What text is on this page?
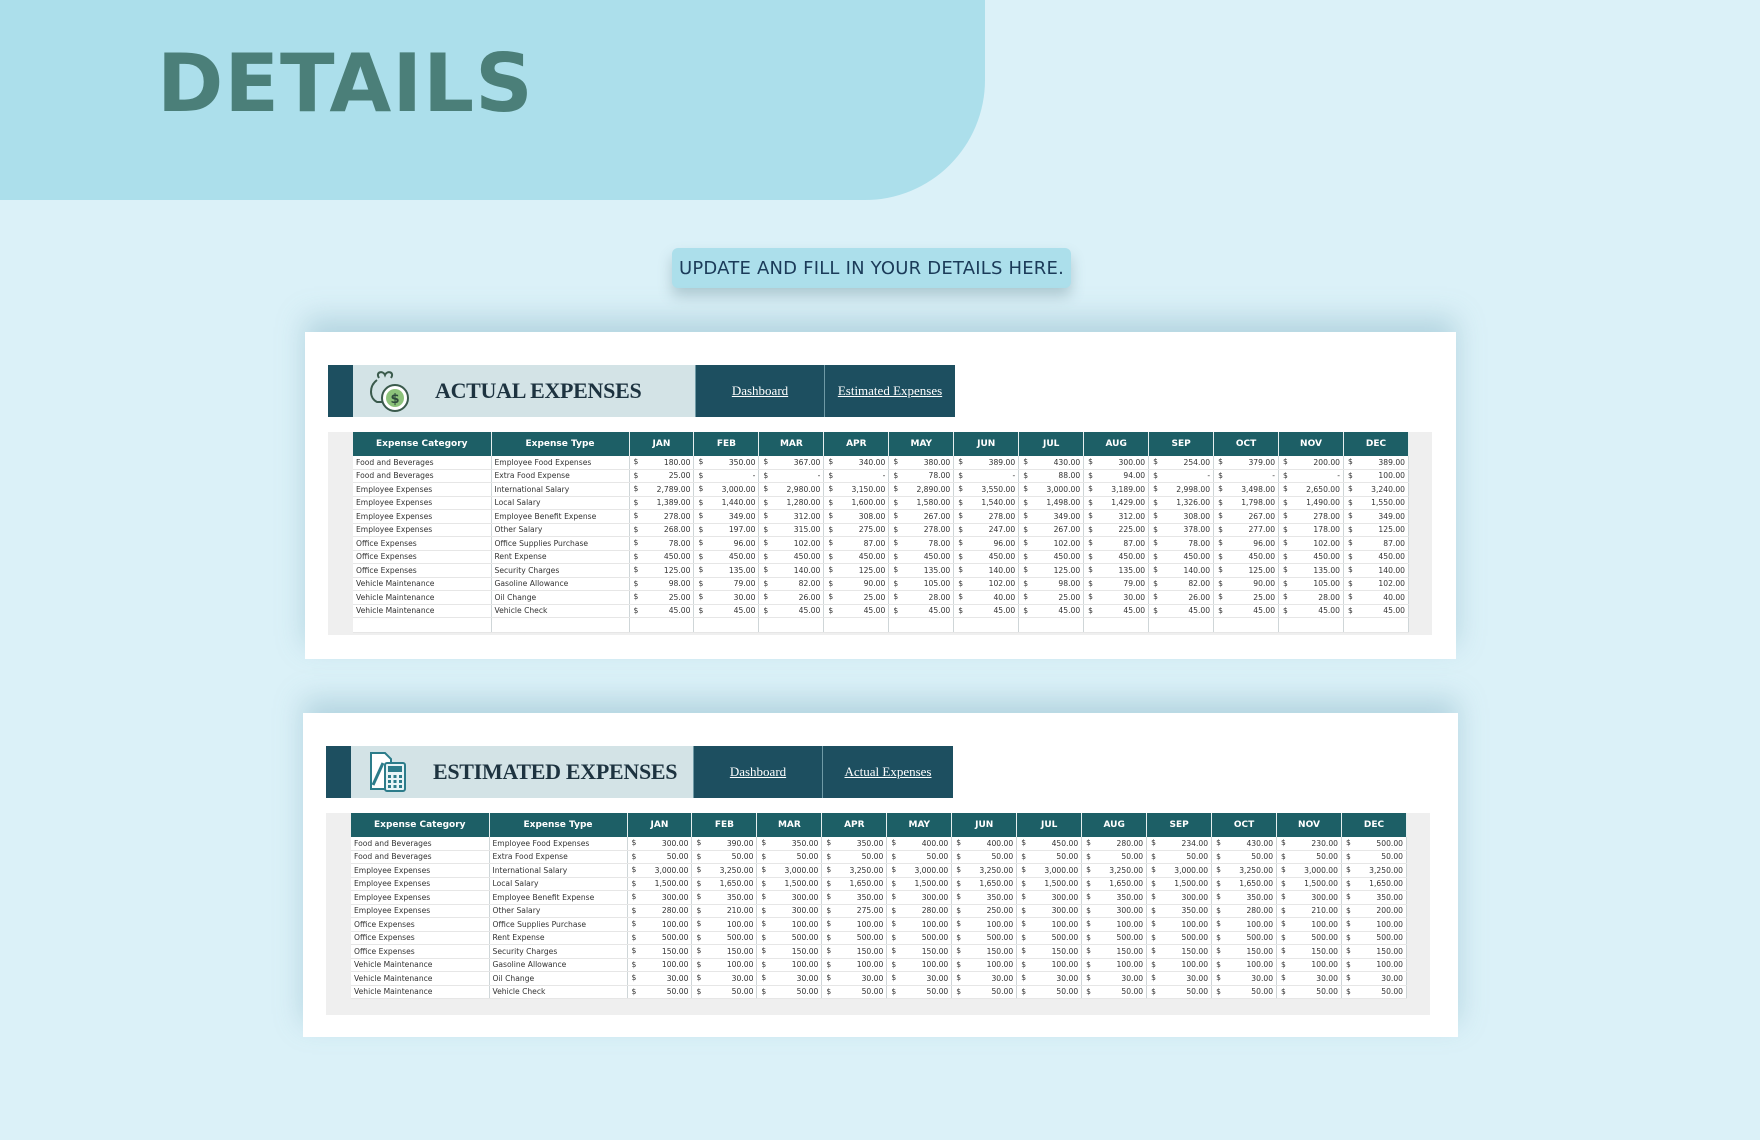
DETAILS
UPDATE AND FILL IN YOUR DETAILS HERE.
$ ACTUAL EXPENSES	Dashboard	Estimated Expenses
Expense Category	Expense Type	JAN	FEB	MAR	APR	MAY	JUN	JUL	AUG	SEP	OCT	NOV	DEC
Food and Beverages	Employee Food Expenses	$ 180.00	$ 350.00	$ 367.00	$ 340.00	$ 380.00	$ 389.00	$ 430.00	$ 300.00	$ 254.00	$ 379.00	$ 200.00	$ 389.00
Food and Beverages	Extra Food Expense	$ 25.00	$ -	$ -	$ -	$ 78.00	$ -	$ 88.00	$ 94.00	$ -	$ -	$ -	$ 100.00
Employee Expenses	International Salary	$ 2,789.00	$ 3,000.00	$ 2,980.00	$ 3,150.00	$ 2,890.00	$ 3,550.00	$ 3,000.00	$ 3,189.00	$ 2,998.00	$ 3,498.00	$ 2,650.00	$ 3,240.00
Employee Expenses	Local Salary	$ 1,389.00	$ 1,440.00	$ 1,280.00	$ 1,600.00	$ 1,580.00	$ 1,540.00	$ 1,498.00	$ 1,429.00	$ 1,326.00	$ 1,798.00	$ 1,490.00	$ 1,550.00
Employee Expenses	Employee Benefit Expense	$ 278.00	$ 349.00	$ 312.00	$ 308.00	$ 267.00	$ 278.00	$ 349.00	$ 312.00	$ 308.00	$ 267.00	$ 278.00	$ 349.00
Employee Expenses	Other Salary	$ 268.00	$ 197.00	$ 315.00	$ 275.00	$ 278.00	$ 247.00	$ 267.00	$ 225.00	$ 378.00	$ 277.00	$ 178.00	$ 125.00
Office Expenses	Office Supplies Purchase	$ 78.00	$ 96.00	$ 102.00	$ 87.00	$ 78.00	$ 96.00	$ 102.00	$ 87.00	$ 78.00	$ 96.00	$ 102.00	$ 87.00
Office Expenses	Rent Expense	$ 450.00	$ 450.00	$ 450.00	$ 450.00	$ 450.00	$ 450.00	$ 450.00	$ 450.00	$ 450.00	$ 450.00	$ 450.00	$ 450.00
Office Expenses	Security Charges	$ 125.00	$ 135.00	$ 140.00	$ 125.00	$ 135.00	$ 140.00	$ 125.00	$ 135.00	$ 140.00	$ 125.00	$ 135.00	$ 140.00
Vehicle Maintenance	Gasoline Allowance	$ 98.00	$ 79.00	$ 82.00	$ 90.00	$ 105.00	$ 102.00	$ 98.00	$ 79.00	$ 82.00	$ 90.00	$ 105.00	$ 102.00
Vehicle Maintenance	Oil Change	$ 25.00	$ 30.00	$ 26.00	$ 25.00	$ 28.00	$ 40.00	$ 25.00	$ 30.00	$ 26.00	$ 25.00	$ 28.00	$ 40.00
Vehicle Maintenance	Vehicle Check	$ 45.00	$ 45.00	$ 45.00	$ 45.00	$ 45.00	$ 45.00	$ 45.00	$ 45.00	$ 45.00	$ 45.00	$ 45.00	$ 45.00

ESTIMATED EXPENSES	Dashboard	Actual Expenses
Expense Category	Expense Type	JAN	FEB	MAR	APR	MAY	JUN	JUL	AUG	SEP	OCT	NOV	DEC
Food and Beverages	Employee Food Expenses	$ 300.00	$ 390.00	$ 350.00	$ 350.00	$ 400.00	$ 400.00	$ 450.00	$ 280.00	$ 234.00	$ 430.00	$ 230.00	$ 500.00
Food and Beverages	Extra Food Expense	$ 50.00	$ 50.00	$ 50.00	$ 50.00	$ 50.00	$ 50.00	$ 50.00	$ 50.00	$ 50.00	$ 50.00	$ 50.00	$ 50.00
Employee Expenses	International Salary	$ 3,000.00	$ 3,250.00	$ 3,000.00	$ 3,250.00	$ 3,000.00	$ 3,250.00	$ 3,000.00	$ 3,250.00	$ 3,000.00	$ 3,250.00	$ 3,000.00	$ 3,250.00
Employee Expenses	Local Salary	$ 1,500.00	$ 1,650.00	$ 1,500.00	$ 1,650.00	$ 1,500.00	$ 1,650.00	$ 1,500.00	$ 1,650.00	$ 1,500.00	$ 1,650.00	$ 1,500.00	$ 1,650.00
Employee Expenses	Employee Benefit Expense	$ 300.00	$ 350.00	$ 300.00	$ 350.00	$ 300.00	$ 350.00	$ 300.00	$ 350.00	$ 300.00	$ 350.00	$ 300.00	$ 350.00
Employee Expenses	Other Salary	$ 280.00	$ 210.00	$ 300.00	$ 275.00	$ 280.00	$ 250.00	$ 300.00	$ 300.00	$ 350.00	$ 280.00	$ 210.00	$ 200.00
Office Expenses	Office Supplies Purchase	$ 100.00	$ 100.00	$ 100.00	$ 100.00	$ 100.00	$ 100.00	$ 100.00	$ 100.00	$ 100.00	$ 100.00	$ 100.00	$ 100.00
Office Expenses	Rent Expense	$ 500.00	$ 500.00	$ 500.00	$ 500.00	$ 500.00	$ 500.00	$ 500.00	$ 500.00	$ 500.00	$ 500.00	$ 500.00	$ 500.00
Office Expenses	Security Charges	$ 150.00	$ 150.00	$ 150.00	$ 150.00	$ 150.00	$ 150.00	$ 150.00	$ 150.00	$ 150.00	$ 150.00	$ 150.00	$ 150.00
Vehicle Maintenance	Gasoline Allowance	$ 100.00	$ 100.00	$ 100.00	$ 100.00	$ 100.00	$ 100.00	$ 100.00	$ 100.00	$ 100.00	$ 100.00	$ 100.00	$ 100.00
Vehicle Maintenance	Oil Change	$ 30.00	$ 30.00	$ 30.00	$ 30.00	$ 30.00	$ 30.00	$ 30.00	$ 30.00	$ 30.00	$ 30.00	$ 30.00	$ 30.00
Vehicle Maintenance	Vehicle Check	$ 50.00	$ 50.00	$ 50.00	$ 50.00	$ 50.00	$ 50.00	$ 50.00	$ 50.00	$ 50.00	$ 50.00	$ 50.00	$ 50.00
